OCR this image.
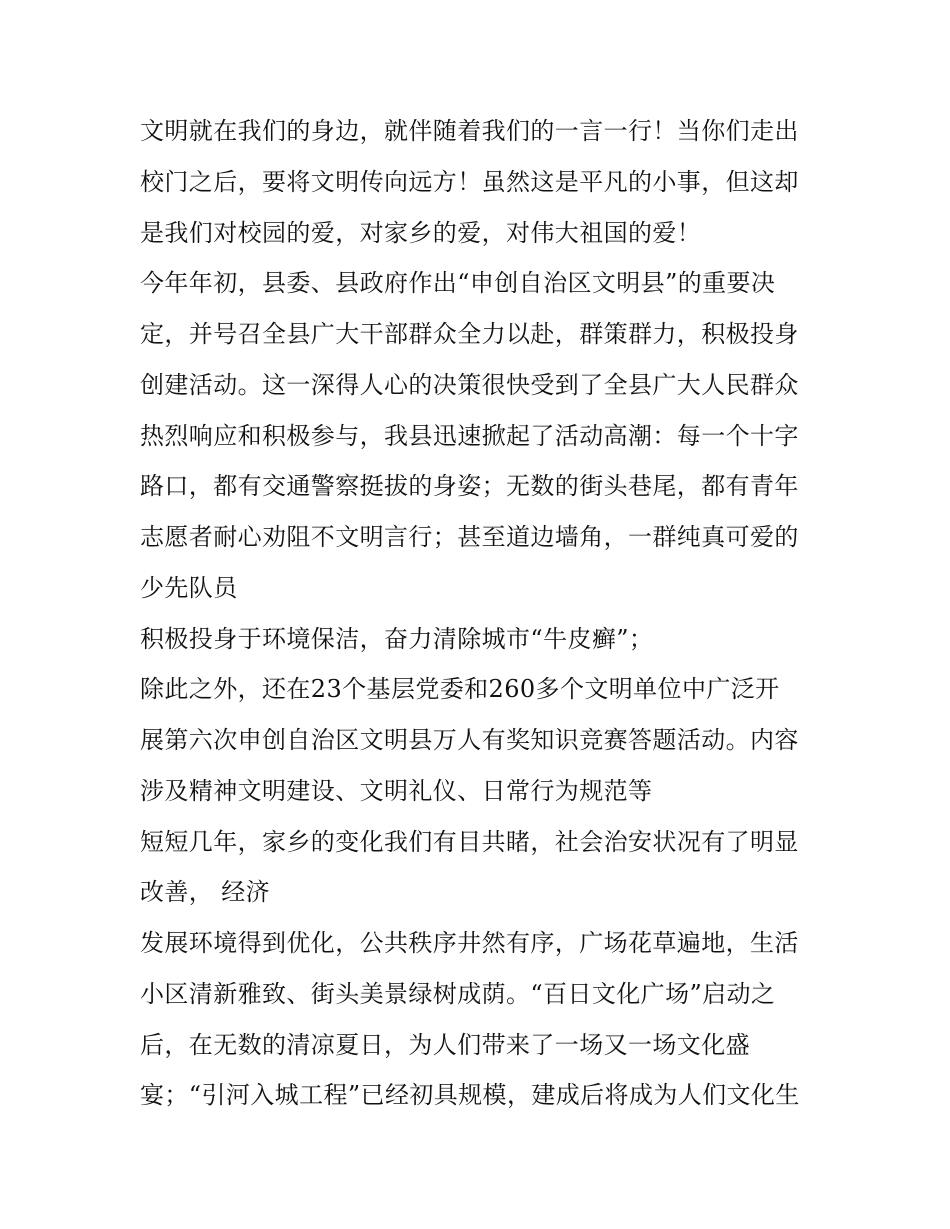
文明就在我们的身边，就伴随着我们的一言一行！当你们走出
校门之后，要将文明传向远方！虽然这是平凡的小事，但这却
是我们对校园的爱，对家乡的爱，对伟大祖国的爱！
今年年初，县委、县政府作出“申创自治区文明县”的重要决
定，并号召全县广大干部群众全力以赴，群策群力，积极投身
创建活动。这一深得人心的决策很快受到了全县广大人民群众
热烈响应和积极参与，我县迅速掀起了活动高潮：每一个十字
路口，都有交通警察挺拔的身姿；无数的街头巷尾，都有青年
志愿者耐心劝阻不文明言行；甚至道边墙角，一群纯真可爱的
少先队员
积极投身于环境保洁，奋力清除城市“牛皮癣”；
除此之外，还在23个基层党委和260多个文明单位中广泛开
展第六次申创自治区文明县万人有奖知识竞赛答题活动。内容
涉及精神文明建设、文明礼仪、日常行为规范等
短短几年，家乡的变化我们有目共睹，社会治安状况有了明显
改善， 经济
发展环境得到优化，公共秩序井然有序，广场花草遍地，生活
小区清新雅致、街头美景绿树成荫。“百日文化广场”启动之
后，在无数的清凉夏日，为人们带来了一场又一场文化盛
宴；“引河入城工程”已经初具规模，建成后将成为人们文化生
